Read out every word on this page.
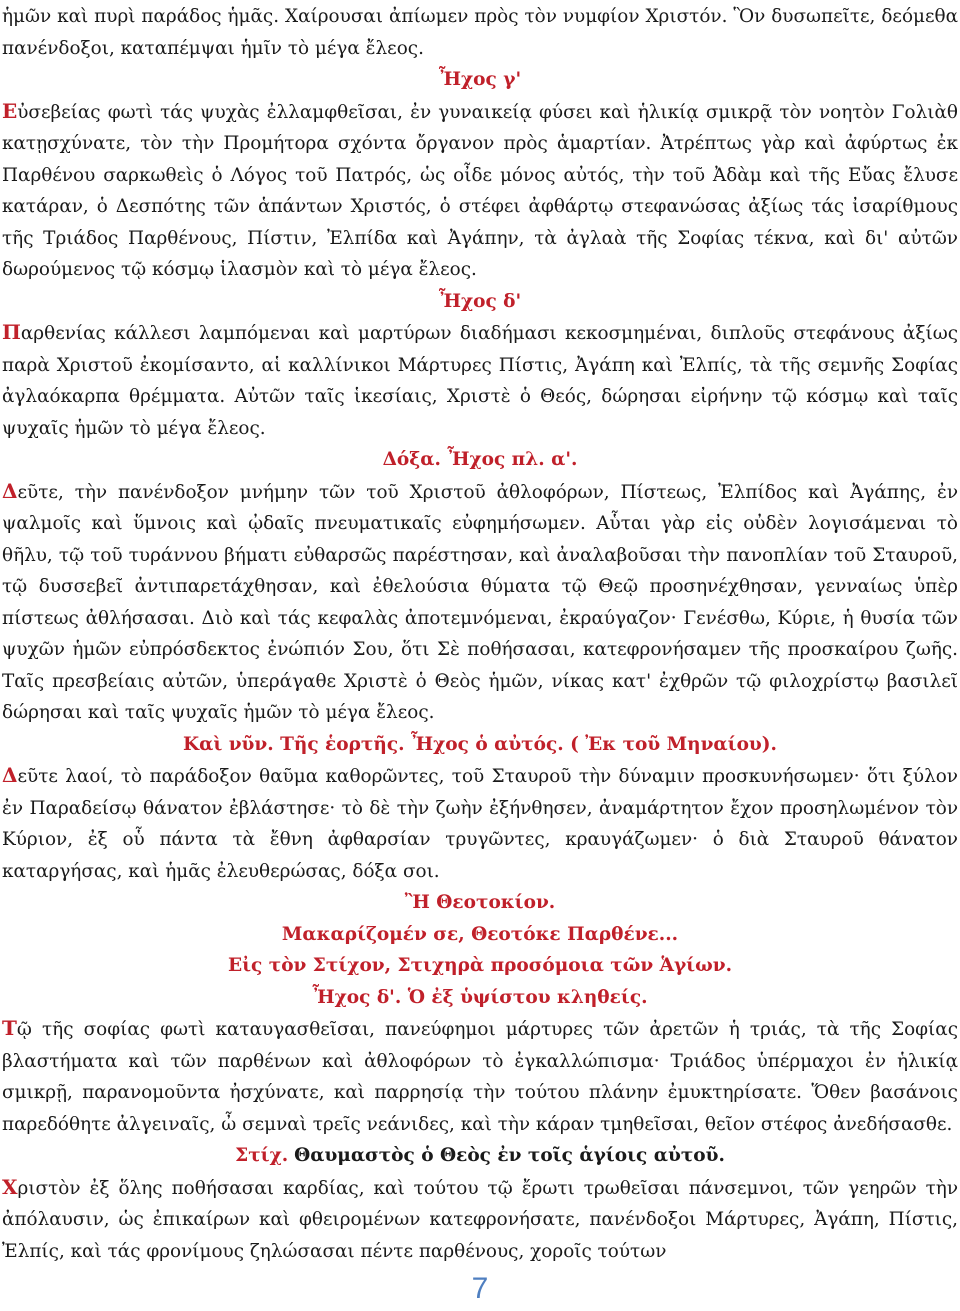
ἡμῶν καὶ πυρὶ παράδος ἡμᾶς. Χαίρουσαι ἀπίωμεν πρὸς τὸν νυμφίον Χριστόν. Ὃν δυσωπεῖτε, δεόμεθα πανένδοξοι, καταπέμψαι ἡμῖν τὸ μέγα ἔλεος.

Ἦχος γ'

Εὐσεβείας φωτὶ τάς ψυχὰς ἐλλαμφθεῖσαι, ἐν γυναικείᾳ φύσει καὶ ἡλικίᾳ σμικρᾷ τὸν νοητὸν Γολιὰθ κατῃσχύνατε, τὸν τὴν Προμήτορα σχόντα ὄργανον πρὸς ἁμαρτίαν. Ἀτρέπτως γὰρ καὶ ἀφύρτως ἐκ Παρθένου σαρκωθεὶς ὁ Λόγος τοῦ Πατρός, ὡς οἶδε μόνος αὐτός, τὴν τοῦ Ἀδὰμ καὶ τῆς Εὔας ἔλυσε κατάραν, ὁ Δεσπότης τῶν ἁπάντων Χριστός, ὁ στέφει ἀφθάρτῳ στεφανώσας ἀξίως τάς ἰσαρίθμους τῆς Τριάδος Παρθένους, Πίστιν, Ἐλπίδα καὶ Ἀγάπην, τὰ ἀγλαὰ τῆς Σοφίας τέκνα, καὶ δι' αὐτῶν δωρούμενος τῷ κόσμῳ ἱλασμὸν καὶ τὸ μέγα ἔλεος.

Ἦχος δ'

Παρθενίας κάλλεσι λαμπόμεναι καὶ μαρτύρων διαδήμασι κεκοσμημέναι, διπλοῦς στεφάνους ἀξίως παρὰ Χριστοῦ ἐκομίσαντο, αἱ καλλίνικοι Μάρτυρες Πίστις, Ἀγάπη καὶ Ἐλπίς, τὰ τῆς σεμνῆς Σοφίας ἀγλαόκαρπα θρέμματα. Αὐτῶν ταῖς ἱκεσίαις, Χριστὲ ὁ Θεός, δώρησαι εἰρήνην τῷ κόσμῳ καὶ ταῖς ψυχαῖς ἡμῶν τὸ μέγα ἔλεος.

Δόξα. Ἦχος πλ. α'.

Δεῦτε, τὴν πανένδοξον μνήμην τῶν τοῦ Χριστοῦ ἀθλοφόρων, Πίστεως, Ἐλπίδος καὶ Ἀγάπης, ἐν ψαλμοῖς καὶ ὕμνοις καὶ ᾠδαῖς πνευματικαῖς εὐφημήσωμεν. Αὗται γὰρ εἰς οὐδὲν λογισάμεναι τὸ θῆλυ, τῷ τοῦ τυράννου βήματι εὐθαρσῶς παρέστησαν, καὶ ἀναλαβοῦσαι τὴν πανοπλίαν τοῦ Σταυροῦ, τῷ δυσσεβεῖ ἀντιπαρετάχθησαν, καὶ ἐθελούσια θύματα τῷ Θεῷ προσηνέχθησαν, γενναίως ὑπὲρ πίστεως ἀθλήσασαι. Διὸ καὶ τάς κεφαλὰς ἀποτεμνόμεναι, ἐκραύγαζον· Γενέσθω, Κύριε, ἡ θυσία τῶν ψυχῶν ἡμῶν εὐπρόσδεκτος ἐνώπιόν Σου, ὅτι Σὲ ποθήσασαι, κατεφρονήσαμεν τῆς προσκαίρου ζωῆς. Ταῖς πρεσβείαις αὐτῶν, ὑπεράγαθε Χριστὲ ὁ Θεὸς ἡμῶν, νίκας κατ' ἐχθρῶν τῷ φιλοχρίστῳ βασιλεῖ δώρησαι καὶ ταῖς ψυχαῖς ἡμῶν τὸ μέγα ἔλεος.

Καὶ νῦν. Τῆς ἑορτῆς. Ἦχος ὁ αὐτός. ( Ἐκ τοῦ Μηναίου).

Δεῦτε λαοί, τὸ παράδοξον θαῦμα καθορῶντες, τοῦ Σταυροῦ τὴν δύναμιν προσκυνήσωμεν· ὅτι ξύλον ἐν Παραδείσῳ θάνατον ἐβλάστησε· τὸ δὲ τὴν ζωὴν ἐξήνθησεν, ἀναμάρτητον ἔχον προσηλωμένον τὸν Κύριον, ἐξ οὗ πάντα τὰ ἔθνη ἀφθαρσίαν τρυγῶντες, κραυγάζωμεν· ὁ διὰ Σταυροῦ θάνατον καταργήσας, καὶ ἡμᾶς ἐλευθερώσας, δόξα σοι.

Ἢ Θεοτοκίον.

Μακαρίζομέν σε, Θεοτόκε Παρθένε...

Εἰς τὸν Στίχον, Στιχηρὰ προσόμοια τῶν Ἁγίων.

Ἦχος δ'. Ὁ ἐξ ὑψίστου κληθείς.

Τῷ τῆς σοφίας φωτὶ καταυγασθεῖσαι, πανεύφημοι μάρτυρες τῶν ἀρετῶν ἡ τριάς, τὰ τῆς Σοφίας βλαστήματα καὶ τῶν παρθένων καὶ ἀθλοφόρων τὸ ἐγκαλλώπισμα· Τριάδος ὑπέρμαχοι ἐν ἡλικίᾳ σμικρῇ, παρανομοῦντα ἠσχύνατε, καὶ παρρησίᾳ τὴν τούτου πλάνην ἐμυκτηρίσατε. Ὅθεν βασάνοις παρεδόθητε ἀλγειναῖς, ὦ σεμναὶ τρεῖς νεάνιδες, καὶ τὴν κάραν τμηθεῖσαι, θεῖον στέφος ἀνεδήσασθε.

Στίχ. Θαυμαστὸς ὁ Θεὸς ἐν τοῖς ἁγίοις αὐτοῦ.

Χριστὸν ἐξ ὅλης ποθήσασαι καρδίας, καὶ τούτου τῷ ἔρωτι τρωθεῖσαι πάνσεμνοι, τῶν γεηρῶν τὴν ἀπόλαυσιν, ὡς ἐπικαίρων καὶ φθειρομένων κατεφρονήσατε, πανένδοξοι Μάρτυρες, Ἀγάπη, Πίστις, Ἐλπίς, καὶ τάς φρονίμους ζηλώσασαι πέντε παρθένους, χοροῖς τούτων

7
